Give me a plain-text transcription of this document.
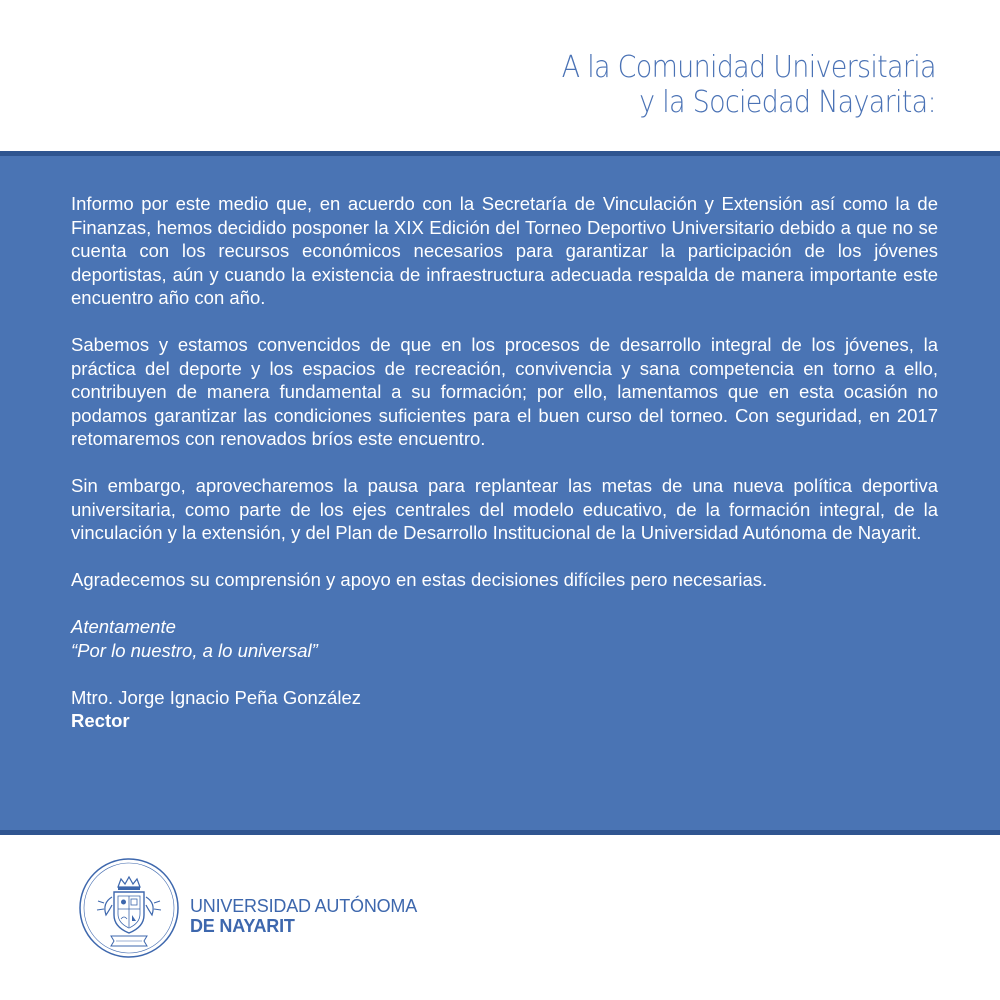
A la Comunidad Universitaria
y la Sociedad Nayarita:

Informo por este medio que, en acuerdo con la Secretaría de Vinculación y Extensión así como la de Finanzas, hemos decidido posponer la XIX Edición del Torneo Deportivo Universitario debido a que no se cuenta con los recursos económicos necesarios para garantizar la participación de los jóvenes deportistas, aún y cuando la existencia de infraestructura adecuada respalda de manera importante este encuentro año con año.

Sabemos y estamos convencidos de que en los procesos de desarrollo integral de los jóvenes, la práctica del deporte y los espacios de recreación, convivencia y sana competencia en torno a ello, contribuyen de manera fundamental a su formación; por ello, lamentamos que en esta ocasión no podamos garantizar las condiciones suficientes para el buen curso del torneo. Con seguridad, en 2017 retomaremos con renovados bríos este encuentro.

Sin embargo, aprovecharemos la pausa para replantear las metas de una nueva política deportiva universitaria, como parte de los ejes centrales del modelo educativo, de la formación integral, de la vinculación y la extensión, y del Plan de Desarrollo Institucional de la Universidad Autónoma de Nayarit.

Agradecemos su comprensión y apoyo en estas decisiones difíciles pero necesarias.

Atentamente
“Por lo nuestro, a lo universal”
Mtro. Jorge Ignacio Peña González
Rector
UNIVERSIDAD AUTÓNOMA
DE NAYARIT
